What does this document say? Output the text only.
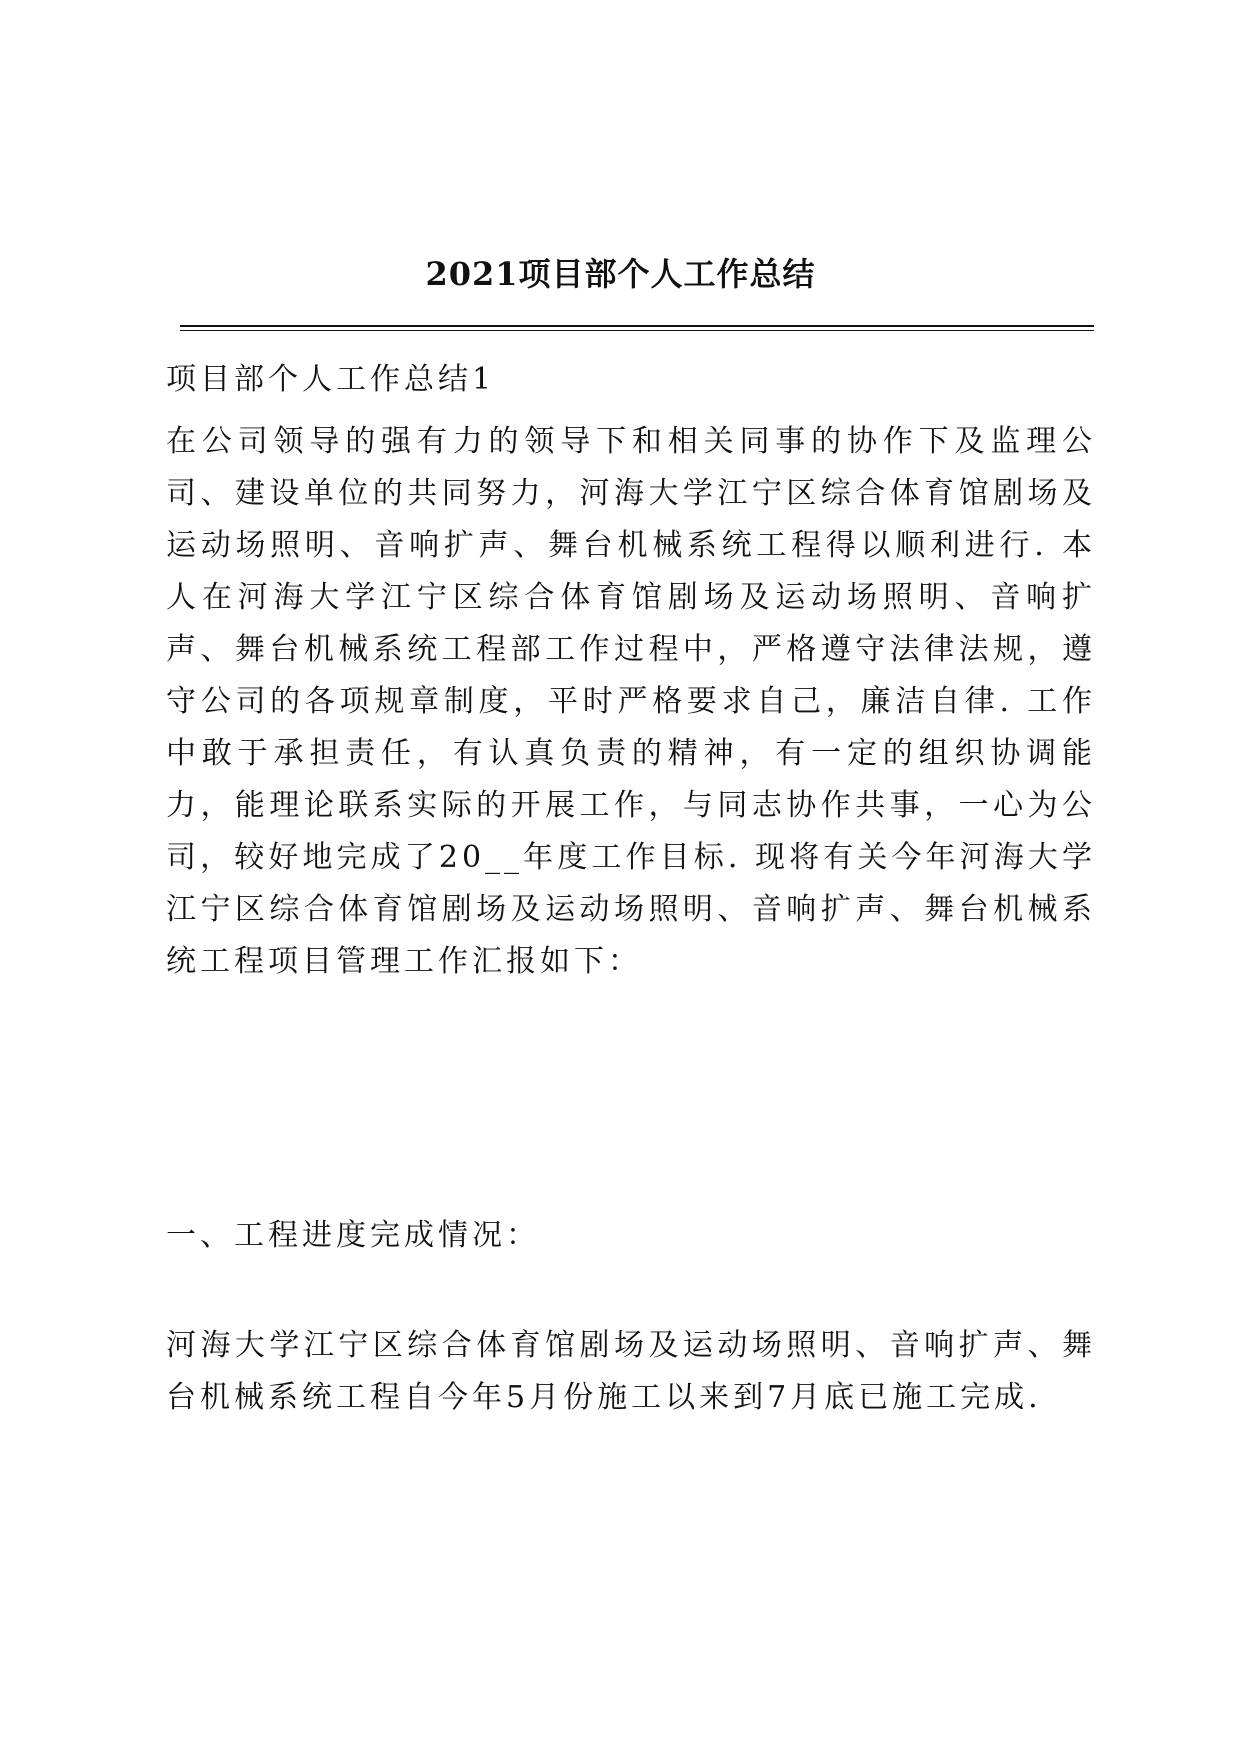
2021项目部个人工作总结

项目部个人工作总结1

在公司领导的强有力的领导下和相关同事的协作下及监理公司、建设单位的共同努力，河海大学江宁区综合体育馆剧场及运动场照明、音响扩声、舞台机械系统工程得以顺利进行. 本人在河海大学江宁区综合体育馆剧场及运动场照明、音响扩声、舞台机械系统工程部工作过程中，严格遵守法律法规，遵守公司的各项规章制度，平时严格要求自己，廉洁自律. 工作中敢于承担责任，有认真负责的精神，有一定的组织协调能力，能理论联系实际的开展工作，与同志协作共事，一心为公司，较好地完成了20__年度工作目标. 现将有关今年河海大学江宁区综合体育馆剧场及运动场照明、音响扩声、舞台机械系统工程项目管理工作汇报如下：

一、工程进度完成情况：

河海大学江宁区综合体育馆剧场及运动场照明、音响扩声、舞台机械系统工程自今年5月份施工以来到7月底已施工完成.
